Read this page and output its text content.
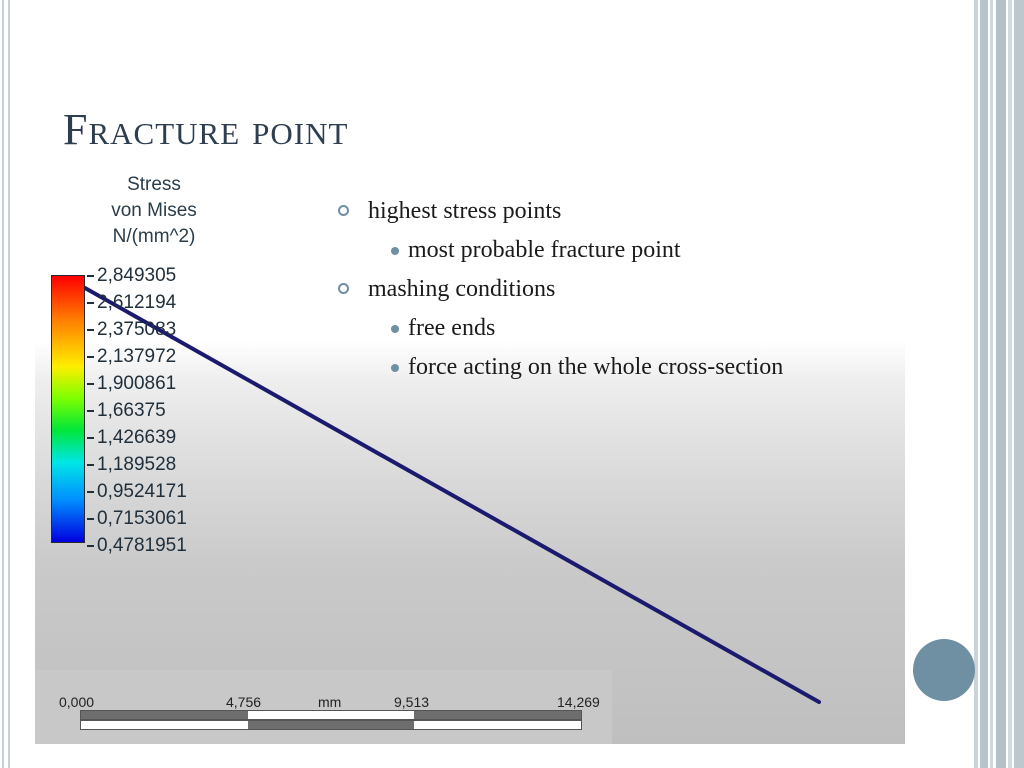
Fracture point
Stress
von Mises
N/(mm^2)
2,849305
2,612194
2,375083
2,137972
1,900861
1,66375
1,426639
1,189528
0,9524171
0,7153061
0,4781951
0,000	4,756	mm	9,513	14,269
highest stress points
most probable fracture point
mashing conditions
free ends
force acting on the whole cross-section
